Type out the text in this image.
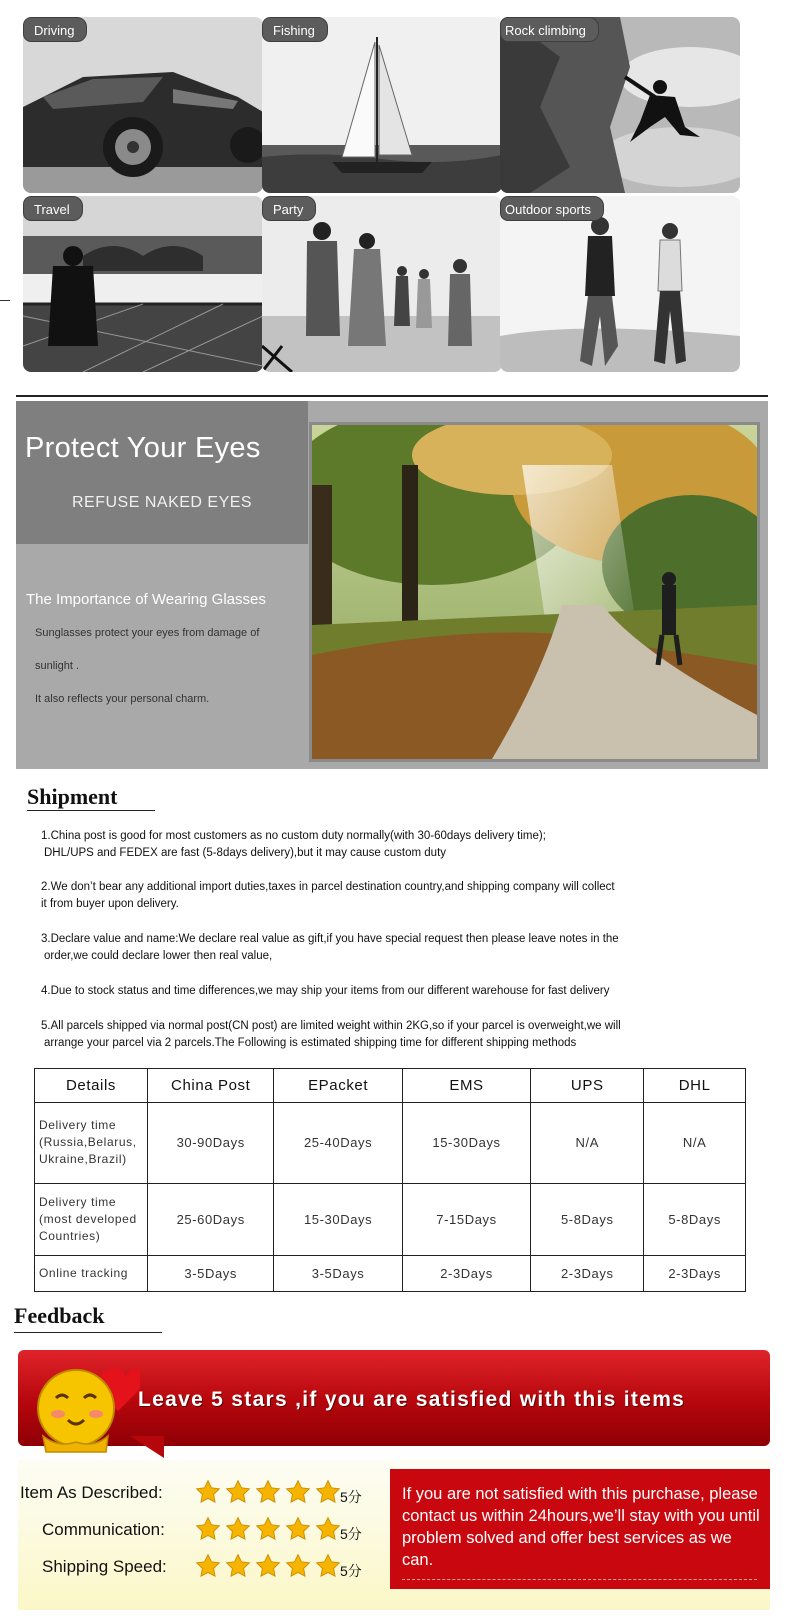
Driving	Fishing	Rock climbing
Travel	Party	Outdoor sports
Protect Your Eyes
REFUSE NAKED EYES
The Importance of Wearing Glasses
Sunglasses protect your eyes from damage of
sunlight .
It also reflects your personal charm.
Shipment
1.China post is good for most customers as no custom duty normally(with 30-60days delivery time);
DHL/UPS and FEDEX are fast (5-8days delivery),but it may cause custom duty
2.We don’t bear any additional import duties,taxes in parcel destination country,and shipping company will collect
it from buyer upon delivery.
3.Declare value and name:We declare real value as gift,if you have special request then please leave notes in the
order,we could declare lower then real value,
4.Due to stock status and time differences,we may ship your items from our different warehouse for fast delivery
5.All parcels shipped via normal post(CN post) are limited weight within 2KG,so if your parcel is overweight,we will
arrange your parcel via 2 parcels.The Following is estimated shipping time for different shipping methods
Details	China Post	EPacket	EMS	UPS	DHL
Delivery time
(Russia,Belarus,
Ukraine,Brazil)	30-90Days	25-40Days	15-30Days	N/A	N/A
Delivery time
(most developed
Countries)	25-60Days	15-30Days	7-15Days	5-8Days	5-8Days
Online tracking	3-5Days	3-5Days	2-3Days	2-3Days	2-3Days
Feedback
Leave 5 stars ,if you are satisfied with this items
Item As Described:	5分
Communication:	5分
Shipping Speed:	5分
If you are not satisfied with this purchase, please contact us within 24hours,we’ll stay with you until problem solved and offer best services as we can.
